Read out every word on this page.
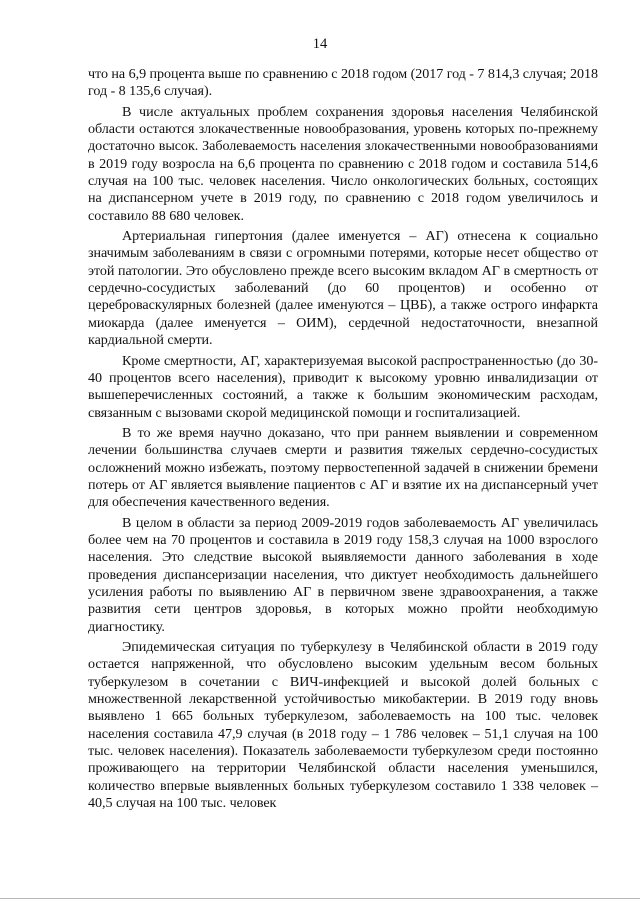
14

что на 6,9 процента выше по сравнению с 2018 годом (2017 год - 7 814,3 случая; 2018 год - 8 135,6 случая).

В числе актуальных проблем сохранения здоровья населения Челябинской области остаются злокачественные новообразования, уровень которых по-прежнему достаточно высок. Заболеваемость населения злокачественными новообразованиями в 2019 году возросла на 6,6 процента по сравнению с 2018 годом и составила 514,6 случая на 100 тыс. человек населения. Число онкологических больных, состоящих на диспансерном учете в 2019 году, по сравнению с 2018 годом увеличилось и составило 88 680 человек.

Артериальная гипертония (далее именуется – АГ) отнесена к социально значимым заболеваниям в связи с огромными потерями, которые несет общество от этой патологии. Это обусловлено прежде всего высоким вкладом АГ в смертность от сердечно-сосудистых заболеваний (до 60 процентов) и особенно от цереброваскулярных болезней (далее именуются – ЦВБ), а также острого инфаркта миокарда (далее именуется – ОИМ), сердечной недостаточности, внезапной кардиальной смерти.

Кроме смертности, АГ, характеризуемая высокой распространенностью (до 30-40 процентов всего населения), приводит к высокому уровню инвалидизации от вышеперечисленных состояний, а также к большим экономическим расходам, связанным с вызовами скорой медицинской помощи и госпитализацией.

В то же время научно доказано, что при раннем выявлении и современном лечении большинства случаев смерти и развития тяжелых сердечно-сосудистых осложнений можно избежать, поэтому первостепенной задачей в снижении бремени потерь от АГ является выявление пациентов с АГ и взятие их на диспансерный учет для обеспечения качественного ведения.

В целом в области за период 2009-2019 годов заболеваемость АГ увеличилась более чем на 70 процентов и составила в 2019 году 158,3 случая на 1000 взрослого населения. Это следствие высокой выявляемости данного заболевания в ходе проведения диспансеризации населения, что диктует необходимость дальнейшего усиления работы по выявлению АГ в первичном звене здравоохранения, а также развития сети центров здоровья, в которых можно пройти необходимую диагностику.

Эпидемическая ситуация по туберкулезу в Челябинской области в 2019 году остается напряженной, что обусловлено высоким удельным весом больных туберкулезом в сочетании с ВИЧ-инфекцией и высокой долей больных с множественной лекарственной устойчивостью микобактерии. В 2019 году вновь выявлено 1 665 больных туберкулезом, заболеваемость на 100 тыс. человек населения составила 47,9 случая (в 2018 году – 1 786 человек – 51,1 случая на 100 тыс. человек населения). Показатель заболеваемости туберкулезом среди постоянно проживающего на территории Челябинской области населения уменьшился, количество впервые выявленных больных туберкулезом составило 1 338 человек – 40,5 случая на 100 тыс. человек
